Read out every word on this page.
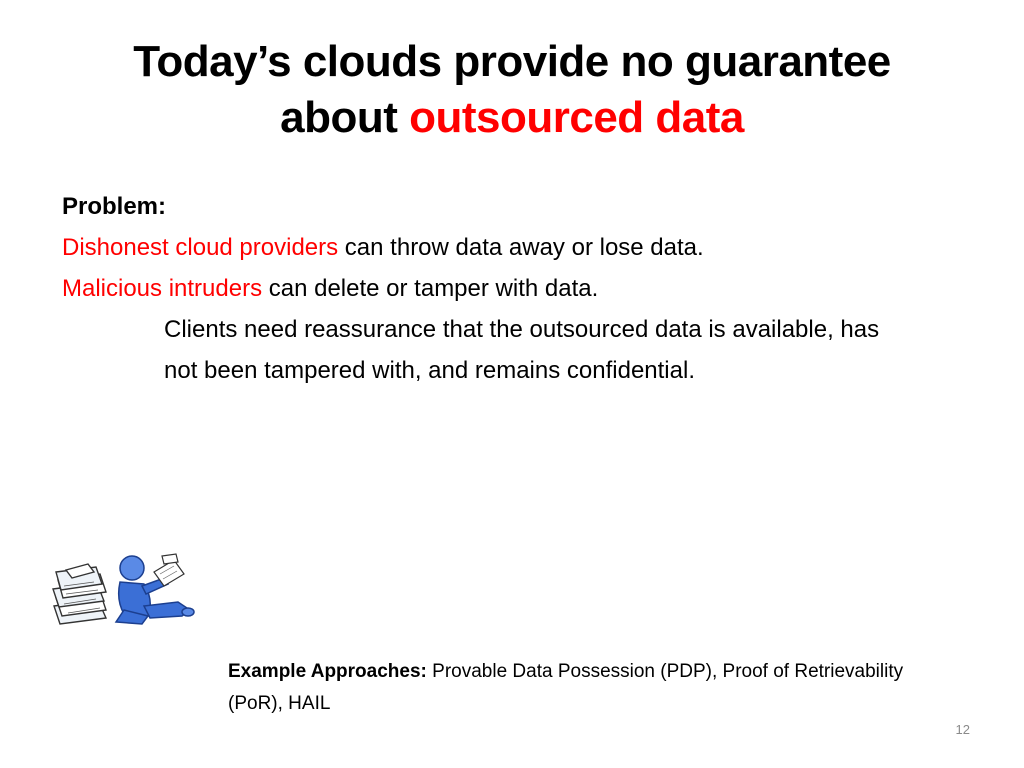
Today’s clouds provide no guarantee
about outsourced data
Problem:
Dishonest cloud providers can throw data away or lose data.
Malicious intruders can delete or tamper with data.
Clients need reassurance that the outsourced data is available, has not been tampered with, and remains confidential.
Example Approaches: Provable Data Possession (PDP), Proof of Retrievability (PoR), HAIL
12
